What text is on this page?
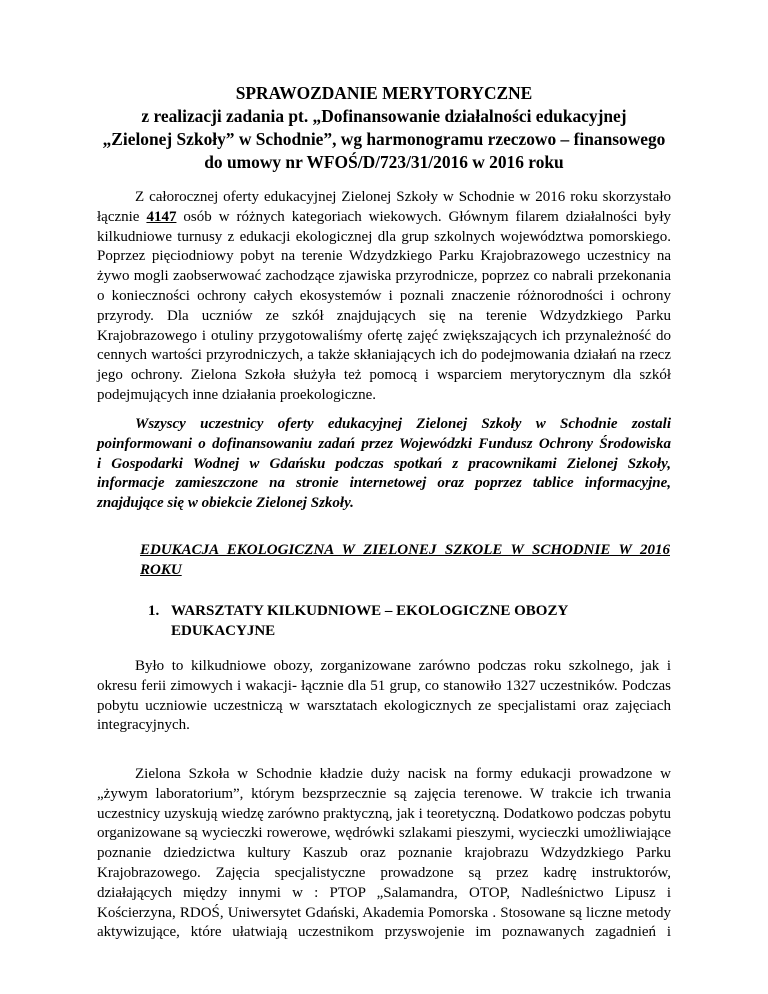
SPRAWOZDANIE MERYTORYCZNE
z realizacji zadania pt. „Dofinansowanie działalności edukacyjnej
„Zielonej Szkoły” w Schodnie”, wg harmonogramu rzeczowo – finansowego
do umowy nr WFOŚ/D/723/31/2016 w 2016 roku
Z całorocznej oferty edukacyjnej Zielonej Szkoły w Schodnie w 2016 roku skorzystało
łącznie 4147 osób w różnych kategoriach wiekowych. Głównym filarem działalności były
kilkudniowe turnusy z edukacji ekologicznej dla grup szkolnych województwa pomorskiego.
Poprzez pięciodniowy pobyt na terenie Wdzydzkiego Parku Krajobrazowego uczestnicy na
żywo mogli zaobserwować zachodzące zjawiska przyrodnicze, poprzez co nabrali przekonania
o konieczności ochrony całych ekosystemów i poznali znaczenie różnorodności i ochrony
przyrody. Dla uczniów ze szkół znajdujących się na terenie Wdzydzkiego Parku
Krajobrazowego i otuliny przygotowaliśmy ofertę zajęć zwiększających ich przynależność do
cennych wartości przyrodniczych, a także skłaniających ich do podejmowania działań na rzecz
jego ochrony. Zielona Szkoła służyła też pomocą i wsparciem merytorycznym dla szkół
podejmujących inne działania proekologiczne.
Wszyscy uczestnicy oferty edukacyjnej Zielonej Szkoły w Schodnie zostali
poinformowani o dofinansowaniu zadań przez Wojewódzki Fundusz Ochrony Środowiska
i Gospodarki Wodnej w Gdańsku podczas spotkań z pracownikami Zielonej Szkoły,
informacje zamieszczone na stronie internetowej oraz poprzez tablice informacyjne,
znajdujące się w obiekcie Zielonej Szkoły.
EDUKACJA EKOLOGICZNA W ZIELONEJ SZKOLE W SCHODNIE W 2016
ROKU
1. WARSZTATY KILKUDNIOWE – EKOLOGICZNE OBOZY
EDUKACYJNE
Było to kilkudniowe obozy, zorganizowane zarówno podczas roku szkolnego, jak i
okresu ferii zimowych i wakacji- łącznie dla 51 grup, co stanowiło 1327 uczestników. Podczas
pobytu uczniowie uczestniczą w warsztatach ekologicznych ze specjalistami oraz zajęciach
integracyjnych.
Zielona Szkoła w Schodnie kładzie duży nacisk na formy edukacji prowadzone w
„żywym laboratorium”, którym bezsprzecznie są zajęcia terenowe. W trakcie ich trwania
uczestnicy uzyskują wiedzę zarówno praktyczną, jak i teoretyczną. Dodatkowo podczas pobytu
organizowane są wycieczki rowerowe, wędrówki szlakami pieszymi, wycieczki umożliwiające
poznanie dziedzictwa kultury Kaszub oraz poznanie krajobrazu Wdzydzkiego Parku
Krajobrazowego. Zajęcia specjalistyczne prowadzone są przez kadrę instruktorów,
działających między innymi w : PTOP „Salamandra, OTOP, Nadleśnictwo Lipusz i
Kościerzyna, RDOŚ, Uniwersytet Gdański, Akademia Pomorska . Stosowane są liczne metody
aktywizujące, które ułatwiają uczestnikom przyswojenie im poznawanych zagadnień i
